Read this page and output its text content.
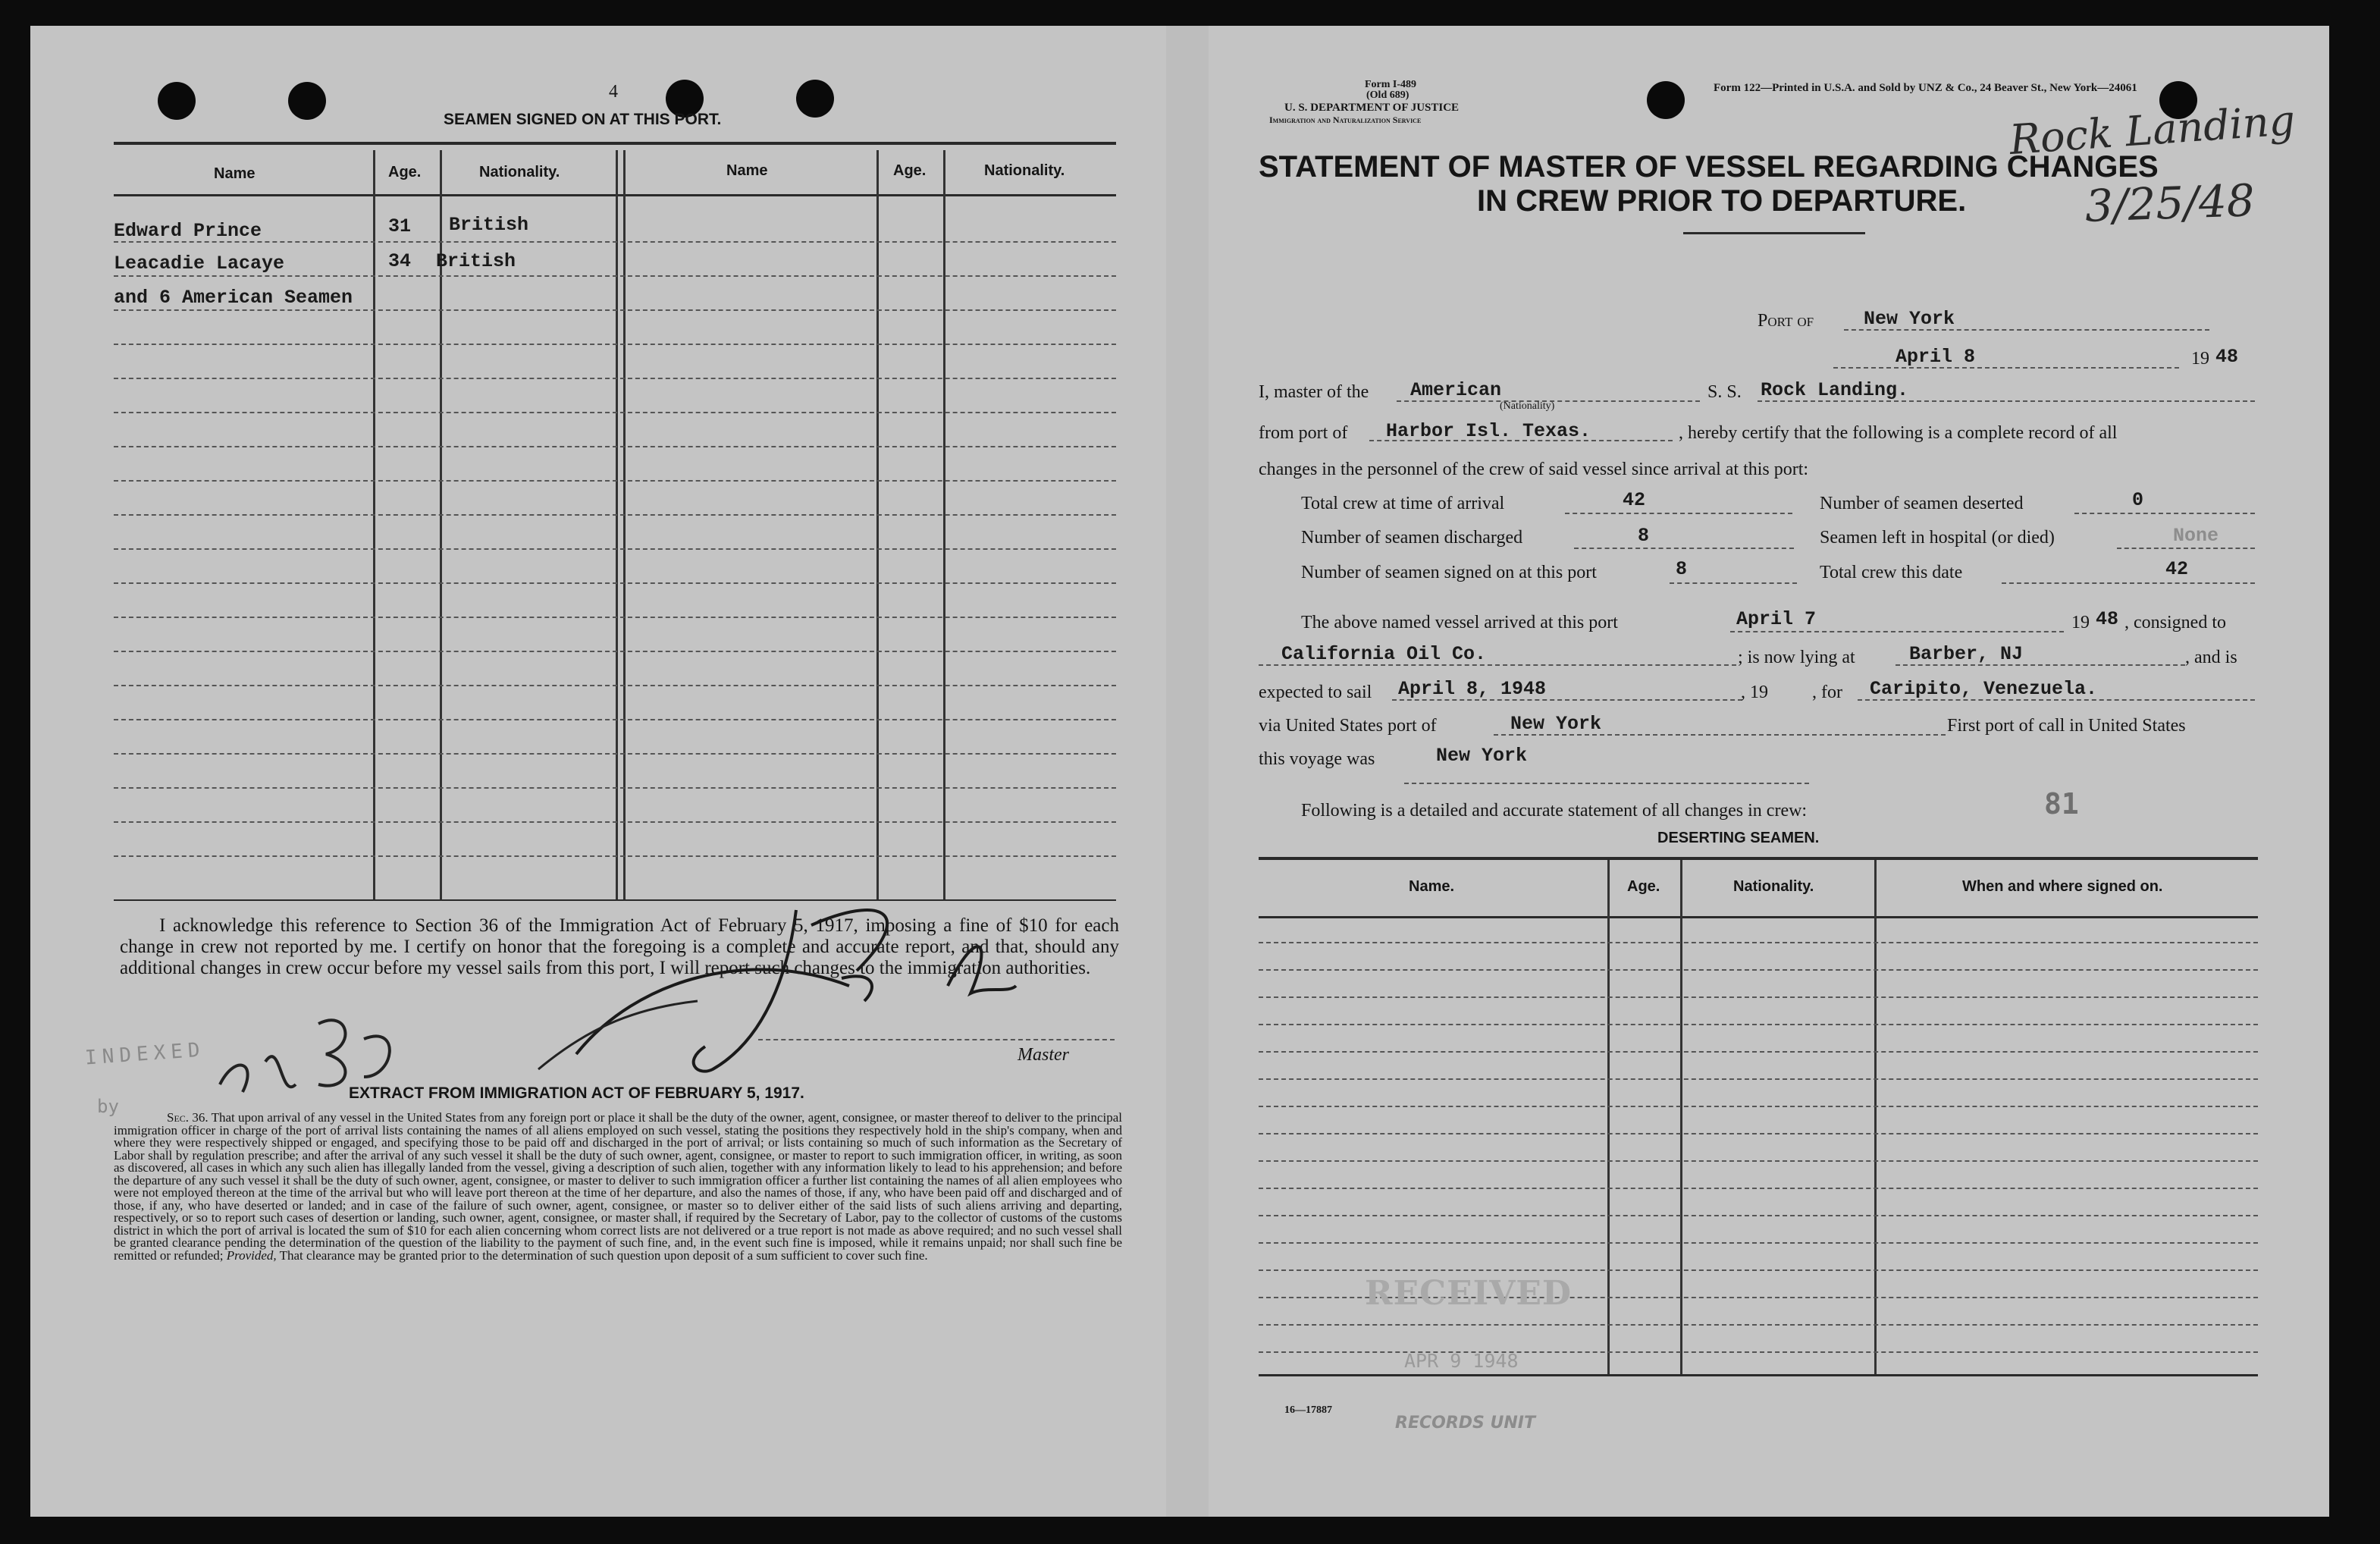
4
SEAMEN SIGNED ON AT THIS PORT.
Name	Age.	Nationality.	Name	Age.	Nationality.
Edward Prince	31 British
Leacadie Lacaye	34 British
and 6 American Seamen
I acknowledge this reference to Section 36 of the Immigration Act of February 5, 1917, imposing a fine of $10 for each change in crew not reported by me. I certify on honor that the foregoing is a complete and accurate report, and that, should any additional changes in crew occur before my vessel sails from this port, I will report such changes to the immigration authorities.
Master
INDEXED
by
EXTRACT FROM IMMIGRATION ACT OF FEBRUARY 5, 1917.
Sec. 36. That upon arrival of any vessel in the United States from any foreign port or place it shall be the duty of the owner, agent, consignee, or master thereof to deliver to the principal immigration officer in charge of the port of arrival lists containing the names of all aliens employed on such vessel, stating the positions they respectively hold in the ship's company, when and where they were respectively shipped or engaged, and specifying those to be paid off and discharged in the port of arrival; or lists containing so much of such information as the Secretary of Labor shall by regulation prescribe; and after the arrival of any such vessel it shall be the duty of such owner, agent, consignee, or master to report to such immigration officer, in writing, as soon as discovered, all cases in which any such alien has illegally landed from the vessel, giving a description of such alien, together with any information likely to lead to his apprehension; and before the departure of any such vessel it shall be the duty of such owner, agent, consignee, or master to deliver to such immigration officer a further list containing the names of all alien employees who were not employed thereon at the time of the arrival but who will leave port thereon at the time of her departure, and also the names of those, if any, who have been paid off and discharged and of those, if any, who have deserted or landed; and in case of the failure of such owner, agent, consignee, or master so to deliver either of the said lists of such aliens arriving and departing, respectively, or so to report such cases of desertion or landing, such owner, agent, consignee, or master shall, if required by the Secretary of Labor, pay to the collector of customs of the customs district in which the port of arrival is located the sum of $10 for each alien concerning whom correct lists are not delivered or a true report is not made as above required; and no such vessel shall be granted clearance pending the determination of the question of the liability to the payment of such fine, and, in the event such fine is imposed, while it remains unpaid; nor shall such fine be remitted or refunded; Provided, That clearance may be granted prior to the determination of such question upon deposit of a sum sufficient to cover such fine.
Form I-489
(Old 689)
U. S. DEPARTMENT OF JUSTICE
Immigration and Naturalization Service
Form 122—Printed in U.S.A. and Sold by UNZ & Co., 24 Beaver St., New York—24061
Rock Landing
3/25/48
STATEMENT OF MASTER OF VESSEL REGARDING CHANGES
IN CREW PRIOR TO DEPARTURE.
Port of	New York
April 8	19 48
I, master of the American
(Nationality)
S. S. Rock Landing.
from port of Harbor Isl. Texas.	, hereby certify that the following is a complete record of all
changes in the personnel of the crew of said vessel since arrival at this port:
Total crew at time of arrival	42	Number of seamen deserted	0
Number of seamen discharged	8	Seamen left in hospital (or died)	None
Number of seamen signed on at this port	8	Total crew this date	42
The above named vessel arrived at this port	April 7	19 48 , consigned to
California Oil Co.	; is now lying at	Barber, NJ	, and is
expected to sail April 8, 1948	, 19 , for Caripito, Venezuela.
via United States port of	New York	First port of call in United States
this voyage was	New York
Following is a detailed and accurate statement of all changes in crew:	81
DESERTING SEAMEN.
Name.	Age.	Nationality.	When and where signed on.
RECEIVED
APR 9 1948
16—17887
RECORDS UNIT
